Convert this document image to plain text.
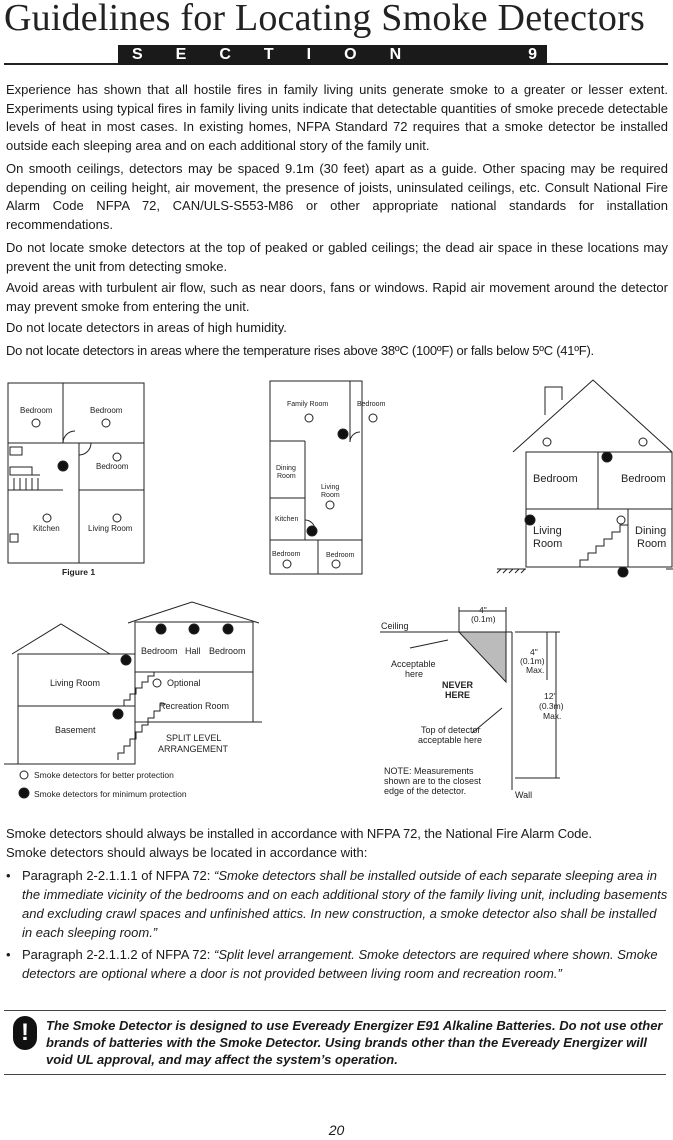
Guidelines for Locating Smoke Detectors
SECTION	9

Experience has shown that all hostile fires in family living units generate smoke to a greater or lesser extent. Experiments using typical fires in family living units indicate that detectable quantities of smoke precede detectable levels of heat in most cases. In existing homes, NFPA Standard 72 requires that a smoke detector be installed outside each sleeping area and on each additional story of the family unit.

On smooth ceilings, detectors may be spaced 9.1m (30 feet) apart as a guide. Other spacing may be required depending on ceiling height, air movement, the presence of joists, uninsulated ceilings, etc. Consult National Fire Alarm Code NFPA 72, CAN/ULS-S553-M86 or other appropriate national standards for installation recommendations.

Do not locate smoke detectors at the top of peaked or gabled ceilings; the dead air space in these locations may prevent the unit from detecting smoke.

Avoid areas with turbulent air flow, such as near doors, fans or windows. Rapid air movement around the detector may prevent smoke from entering the unit.

Do not locate detectors in areas of high humidity.

Do not locate detectors in areas where the temperature rises above 38ºC (100ºF) or falls below 5ºC (41ºF).

Bedroom	Bedroom
Bedroom
Kitchen	Living Room
Figure 1
Family Room	Bedroom
Dining
Room
Living
Room
Kitchen
Bedroom	Bedroom
Bedroom	Bedroom
Living
Room
Dining
Room
Bedroom Hall Bedroom
Living Room	Optional
Recreation Room
Basement
SPLIT LEVEL
ARRANGEMENT
Smoke detectors for better protection
Smoke detectors for minimum protection
Ceiling
Wall
4"
(0.1m)
4"
(0.1m)
Max.
12"
(0.3m)
Max.
Acceptable
here
NEVER
HERE
Top of detector
acceptable here
NOTE: Measurements
shown are to the closest
edge of the detector.

Smoke detectors should always be installed in accordance with NFPA 72, the National Fire Alarm Code.

Smoke detectors should always be located in accordance with:

• Paragraph 2-2.1.1.1 of NFPA 72: “Smoke detectors shall be installed outside of each separate sleeping area in the immediate vicinity of the bedrooms and on each additional story of the family living unit, including basements and excluding crawl spaces and unfinished attics. In new construction, a smoke detector also shall be installed in each sleeping room.”
• Paragraph 2-2.1.1.2 of NFPA 72: “Split level arrangement. Smoke detectors are required where shown. Smoke detectors are optional where a door is not provided between living room and recreation room.”
!	The Smoke Detector is designed to use Eveready Energizer E91 Alkaline Batteries. Do not use other brands of batteries with the Smoke Detector. Using brands other than the Eveready Energizer will void UL approval, and may affect the system’s operation.

20
